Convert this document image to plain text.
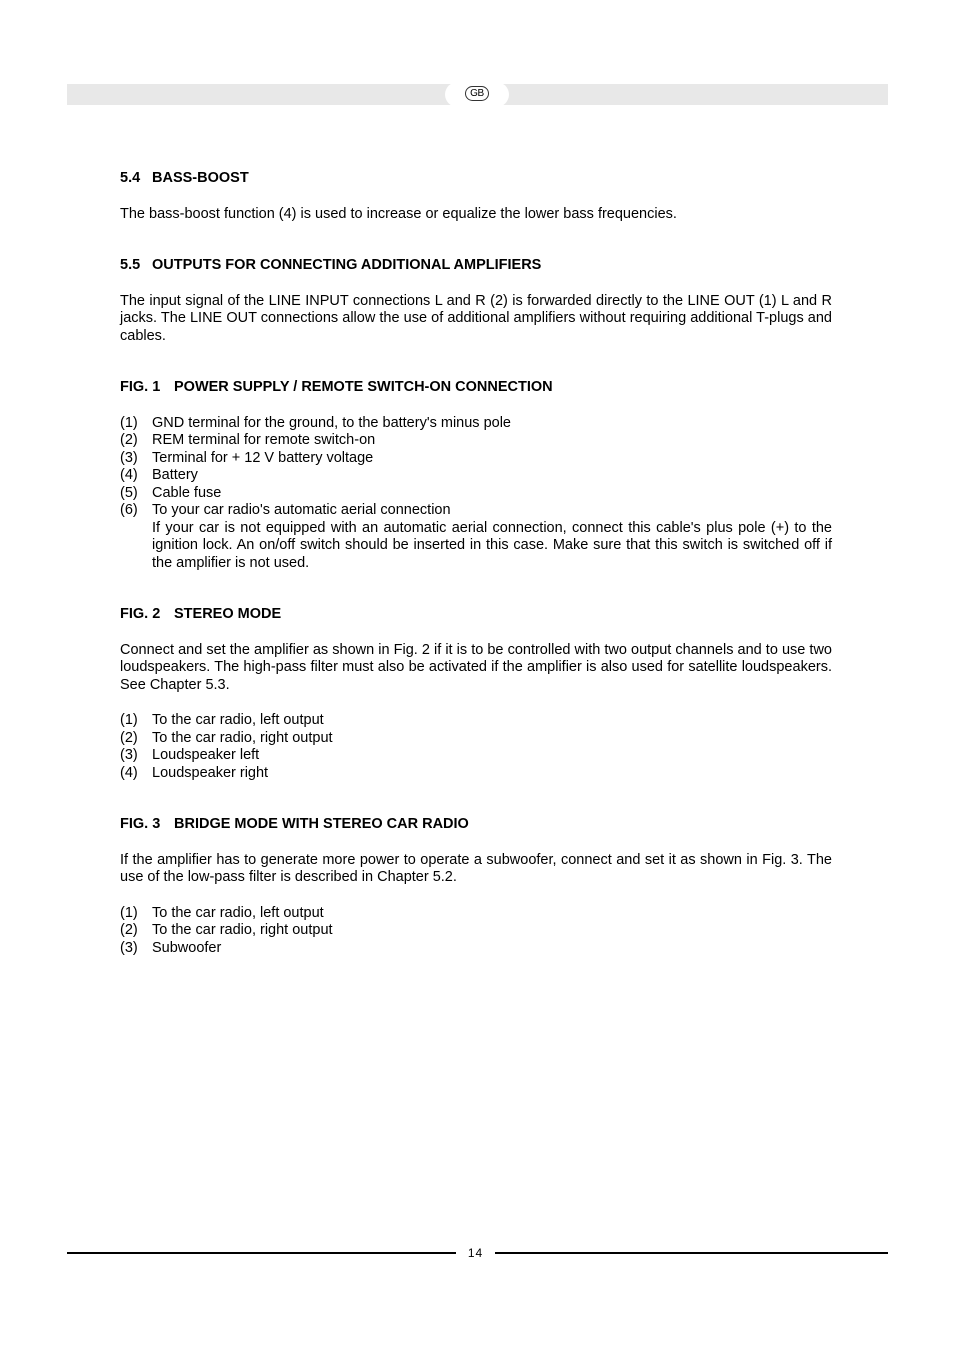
GB
5.4 BASS-BOOST

The bass-boost function (4) is used to increase or equalize the lower bass frequencies.

5.5 OUTPUTS FOR CONNECTING ADDITIONAL AMPLIFIERS

The input signal of the LINE INPUT connections L and R (2) is forwarded directly to the LINE OUT (1) L and R jacks. The LINE OUT connections allow the use of additional amplifiers without requiring additional T-plugs and cables.

FIG. 1 POWER SUPPLY / REMOTE SWITCH-ON CONNECTION
(1) GND terminal for the ground, to the battery's minus pole
(2) REM terminal for remote switch-on
(3) Terminal for + 12 V battery voltage
(4) Battery
(5) Cable fuse
(6) To your car radio's automatic aerial connection
If your car is not equipped with an automatic aerial connection, connect this cable's plus pole (+) to the ignition lock. An on/off switch should be inserted in this case. Make sure that this switch is switched off if the amplifier is not used.
FIG. 2 STEREO MODE

Connect and set the amplifier as shown in Fig. 2 if it is to be controlled with two output channels and to use two loudspeakers. The high-pass filter must also be activated if the amplifier is also used for satellite loudspeakers. See Chapter 5.3.

(1) To the car radio, left output
(2) To the car radio, right output
(3) Loudspeaker left
(4) Loudspeaker right
FIG. 3 BRIDGE MODE WITH STEREO CAR RADIO

If the amplifier has to generate more power to operate a subwoofer, connect and set it as shown in Fig. 3. The use of the low-pass filter is described in Chapter 5.2.

(1) To the car radio, left output
(2) To the car radio, right output
(3) Subwoofer
14
